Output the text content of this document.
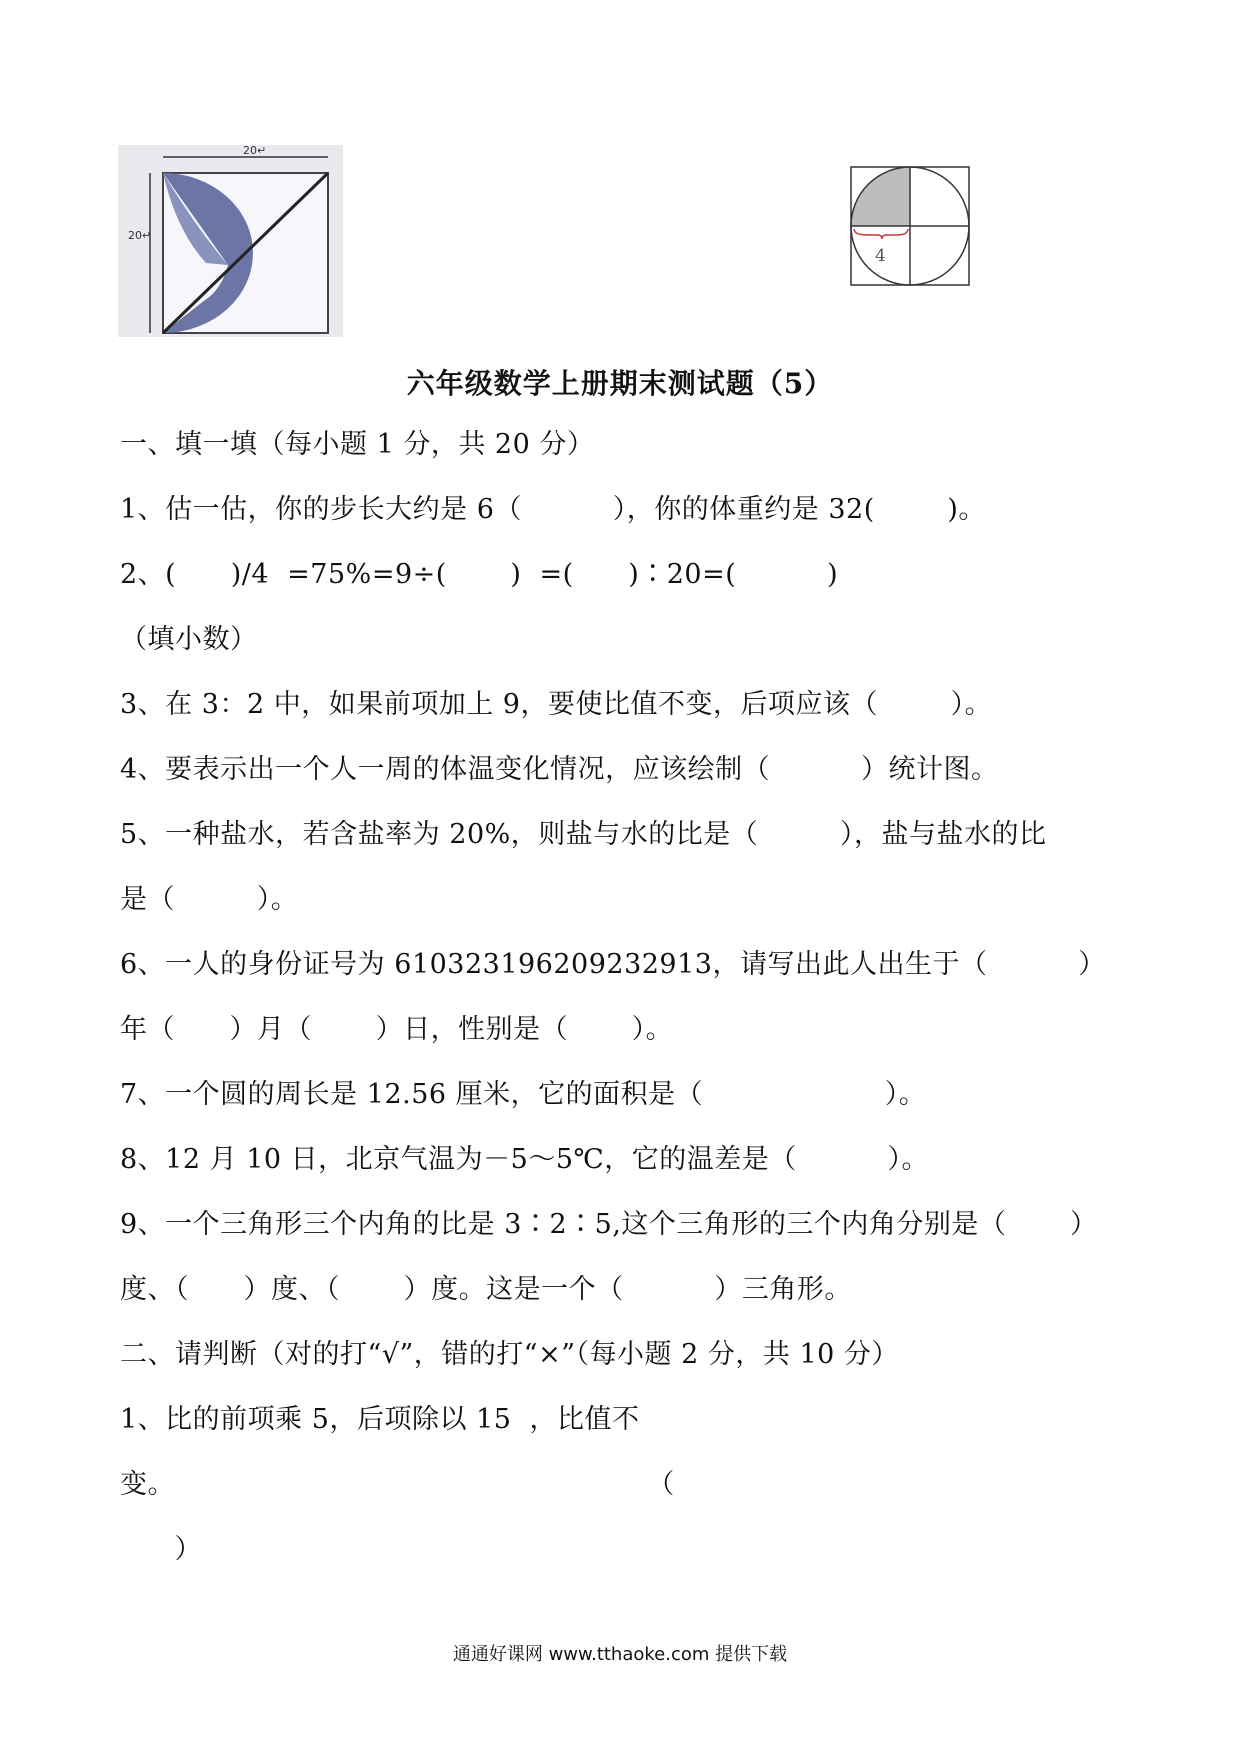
20↵
20↵
4
六年级数学上册期末测试题（5）
一、填一填（每小题 1 分，共 20 分）
1、估一估，你的步长大约是 6（          ），你的体重约是 32(        )。
2、(      )/4  =75%=9÷(       )  =(      )∶20=(          )
（填小数）
3、在 3：2 中，如果前项加上 9，要使比值不变，后项应该（        ）。
4、要表示出一个人一周的体温变化情况，应该绘制（          ）统计图。
5、一种盐水，若含盐率为 20%，则盐与水的比是（         ），盐与盐水的比
是（         ）。
6、一人的身份证号为 610323196209232913，请写出此人出生于（          ）
年（      ）月（       ）日，性别是（       ）。
7、一个圆的周长是 12.56 厘米，它的面积是（                    ）。
8、12 月 10 日，北京气温为－5～5℃，它的温差是（          ）。
9、一个三角形三个内角的比是 3∶2∶5,这个三角形的三个内角分别是（       ）
度、（      ）度、（       ）度。这是一个（          ）三角形。
二、请判断（对的打“√”，错的打“×”（每小题 2 分，共 10 分）
1、比的前项乘 5，后项除以 15  ，比值不
变。                                                    （
）
通通好课网 www.tthaoke.com 提供下载
